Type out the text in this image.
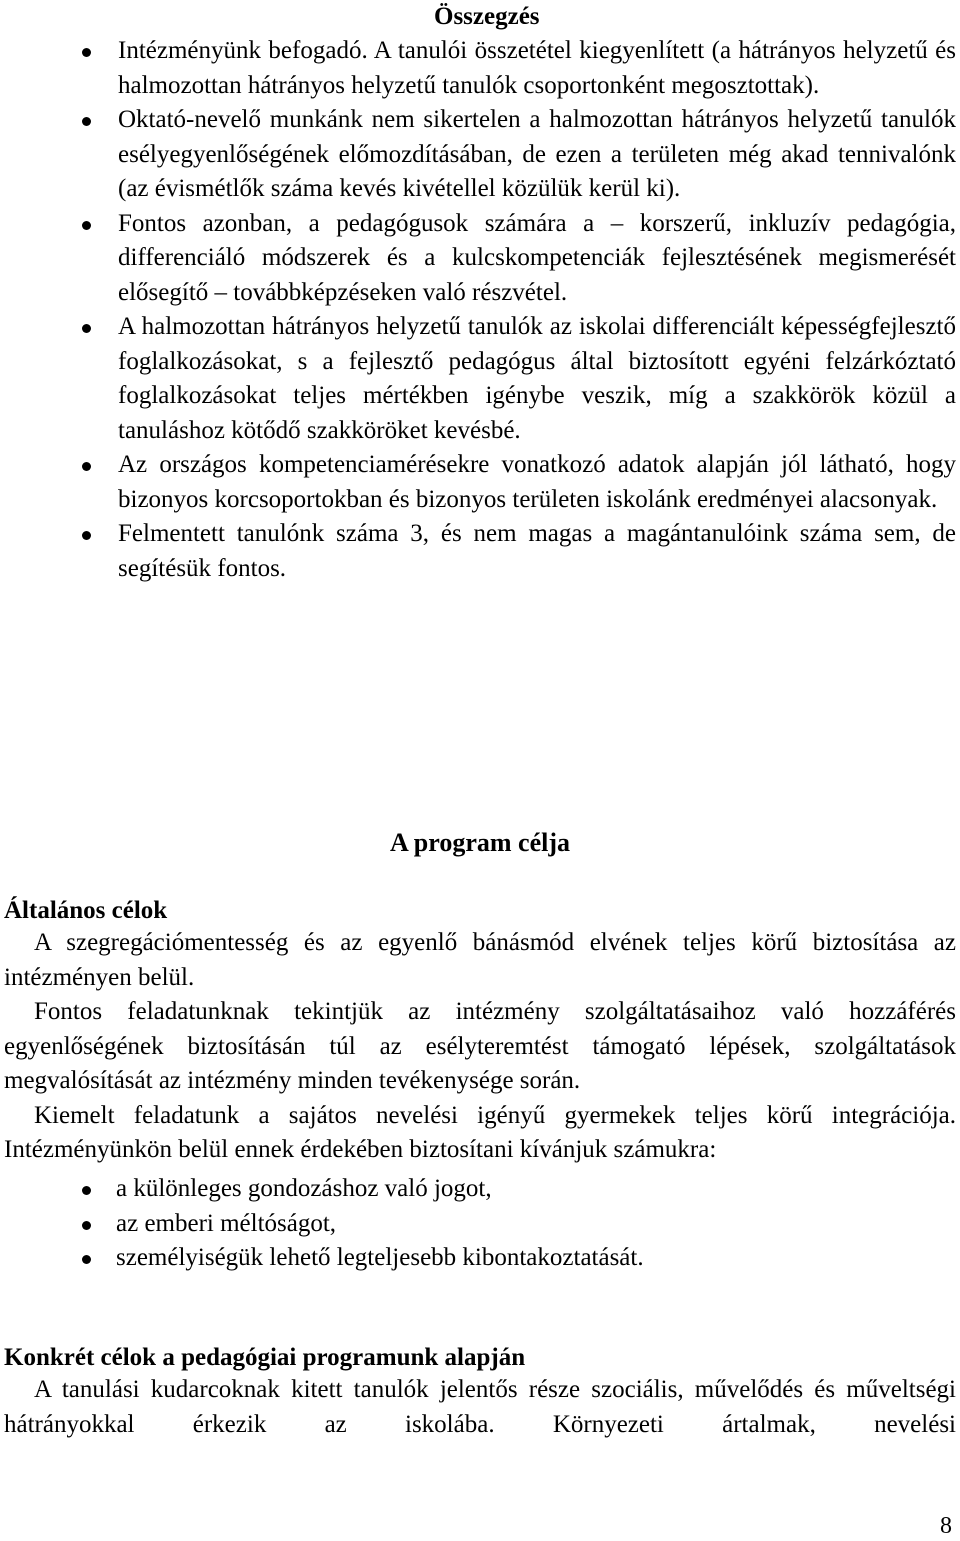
Összegzés
Intézményünk befogadó. A tanulói összetétel kiegyenlített (a hátrányos helyzetű és halmozottan hátrányos helyzetű tanulók csoportonként megosztottak).
Oktató-nevelő munkánk nem sikertelen a halmozottan hátrányos helyzetű tanulók esélyegyenlőségének előmozdításában, de ezen a területen még akad tennivalónk (az évismétlők száma kevés kivétellel közülük kerül ki).
Fontos azonban, a pedagógusok számára a – korszerű, inkluzív pedagógia, differenciáló módszerek és a kulcskompetenciák fejlesztésének megismerését elősegítő – továbbképzéseken való részvétel.
A halmozottan hátrányos helyzetű tanulók az iskolai differenciált képességfejlesztő foglalkozásokat, s a fejlesztő pedagógus által biztosított egyéni felzárkóztató foglalkozásokat teljes mértékben igénybe veszik, míg a szakkörök közül a tanuláshoz kötődő szakköröket kevésbé.
Az országos kompetenciamérésekre vonatkozó adatok alapján jól látható, hogy bizonyos korcsoportokban és bizonyos területen iskolánk eredményei alacsonyak.
Felmentett tanulónk száma 3, és nem magas a magántanulóink száma sem, de segítésük fontos.
A program célja
Általános célok

A szegregációmentesség és az egyenlő bánásmód elvének teljes körű biztosítása az intézményen belül.

Fontos feladatunknak tekintjük az intézmény szolgáltatásaihoz való hozzáférés egyenlőségének biztosításán túl az esélyteremtést támogató lépések, szolgáltatások megvalósítását az intézmény minden tevékenysége során.

Kiemelt feladatunk a sajátos nevelési igényű gyermekek teljes körű integrációja. Intézményünkön belül ennek érdekében biztosítani kívánjuk számukra:

a különleges gondozáshoz való jogot,
az emberi méltóságot,
személyiségük lehető legteljesebb kibontakoztatását.
Konkrét célok a pedagógiai programunk alapján

A tanulási kudarcoknak kitett tanulók jelentős része szociális, művelődés és műveltségi hátrányokkal érkezik az iskolába. Környezeti ártalmak, nevelési

8
